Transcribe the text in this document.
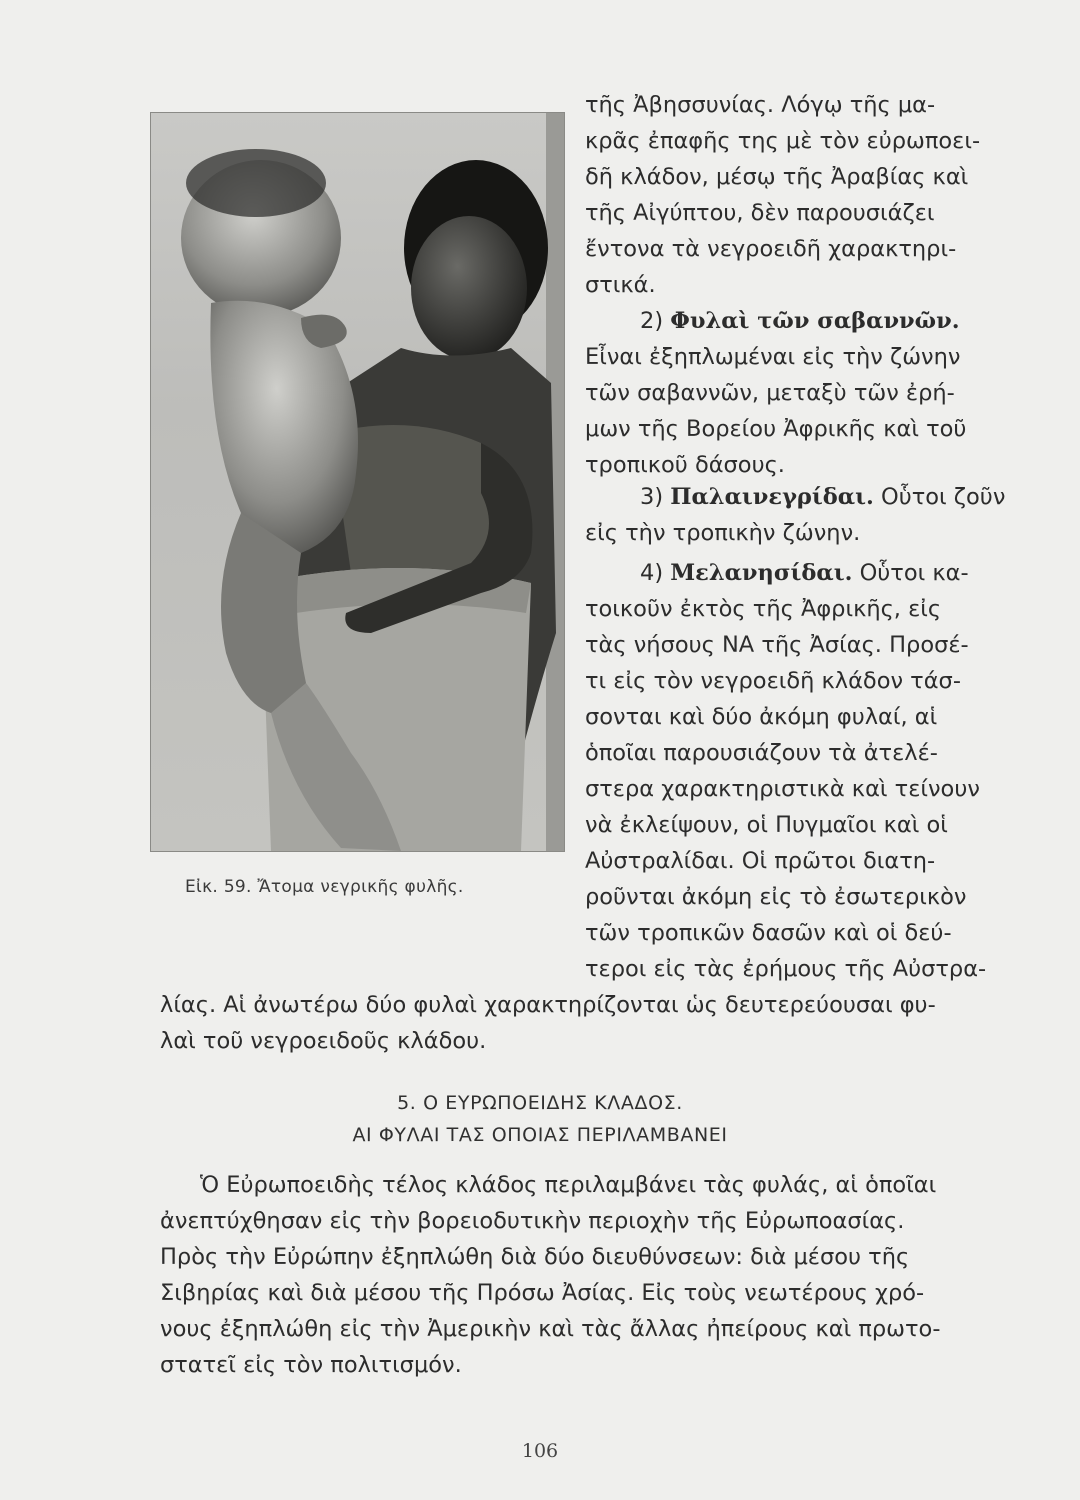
Εἰκ. 59. Ἄτομα νεγρικῆς φυλῆς.
τῆς Ἀβησσυνίας. Λόγῳ τῆς μα-
κρᾶς ἐπαφῆς της μὲ τὸν εὐρωποει-
δῆ κλάδον, μέσῳ τῆς Ἀραβίας καὶ
τῆς Αἰγύπτου, δὲν παρουσιάζει
ἔντονα τὰ νεγροειδῆ χαρακτηρι-
στικά.
2) Φυλαὶ τῶν σαβαννῶν.
Εἶναι ἐξηπλωμέναι εἰς τὴν ζώνην
τῶν σαβαννῶν, μεταξὺ τῶν ἐρή-
μων τῆς Βορείου Ἀφρικῆς καὶ τοῦ
τροπικοῦ δάσους.
3) Παλαινεγρίδαι. Οὗτοι ζοῦν
εἰς τὴν τροπικὴν ζώνην.
4) Μελανησίδαι. Οὗτοι κα-
τοικοῦν ἐκτὸς τῆς Ἀφρικῆς, εἰς
τὰς νήσους ΝΑ τῆς Ἀσίας. Προσέ-
τι εἰς τὸν νεγροειδῆ κλάδον τάσ-
σονται καὶ δύο ἀκόμη φυλαί, αἱ
ὁποῖαι παρουσιάζουν τὰ ἀτελέ-
στερα χαρακτηριστικὰ καὶ τείνουν
νὰ ἐκλείψουν, οἱ Πυγμαῖοι καὶ οἱ
Αὐστραλίδαι. Οἱ πρῶτοι διατη-
ροῦνται ἀκόμη εἰς τὸ ἐσωτερικὸν
τῶν τροπικῶν δασῶν καὶ οἱ δεύ-
τεροι εἰς τὰς ἐρήμους τῆς Αὐστρα-
λίας. Αἱ ἀνωτέρω δύο φυλαὶ χαρακτηρίζονται ὡς δευτερεύουσαι φυ-
λαὶ τοῦ νεγροειδοῦς κλάδου.
5. Ο ΕΥΡΩΠΟΕΙΔΗΣ ΚΛΑΔΟΣ.
ΑΙ ΦΥΛΑΙ ΤΑΣ ΟΠΟΙΑΣ ΠΕΡΙΛΑΜΒΑΝΕΙ
Ὁ Εὐρωποειδὴς τέλος κλάδος περιλαμβάνει τὰς φυλάς, αἱ ὁποῖαι
ἀνεπτύχθησαν εἰς τὴν βορειοδυτικὴν περιοχὴν τῆς Εὐρωποασίας.
Πρὸς τὴν Εὐρώπην ἐξηπλώθη διὰ δύο διευθύνσεων: διὰ μέσου τῆς
Σιβηρίας καὶ διὰ μέσου τῆς Πρόσω Ἀσίας. Εἰς τοὺς νεωτέρους χρό-
νους ἐξηπλώθη εἰς τὴν Ἀμερικὴν καὶ τὰς ἄλλας ἠπείρους καὶ πρωτο-
στατεῖ εἰς τὸν πολιτισμόν.
106
